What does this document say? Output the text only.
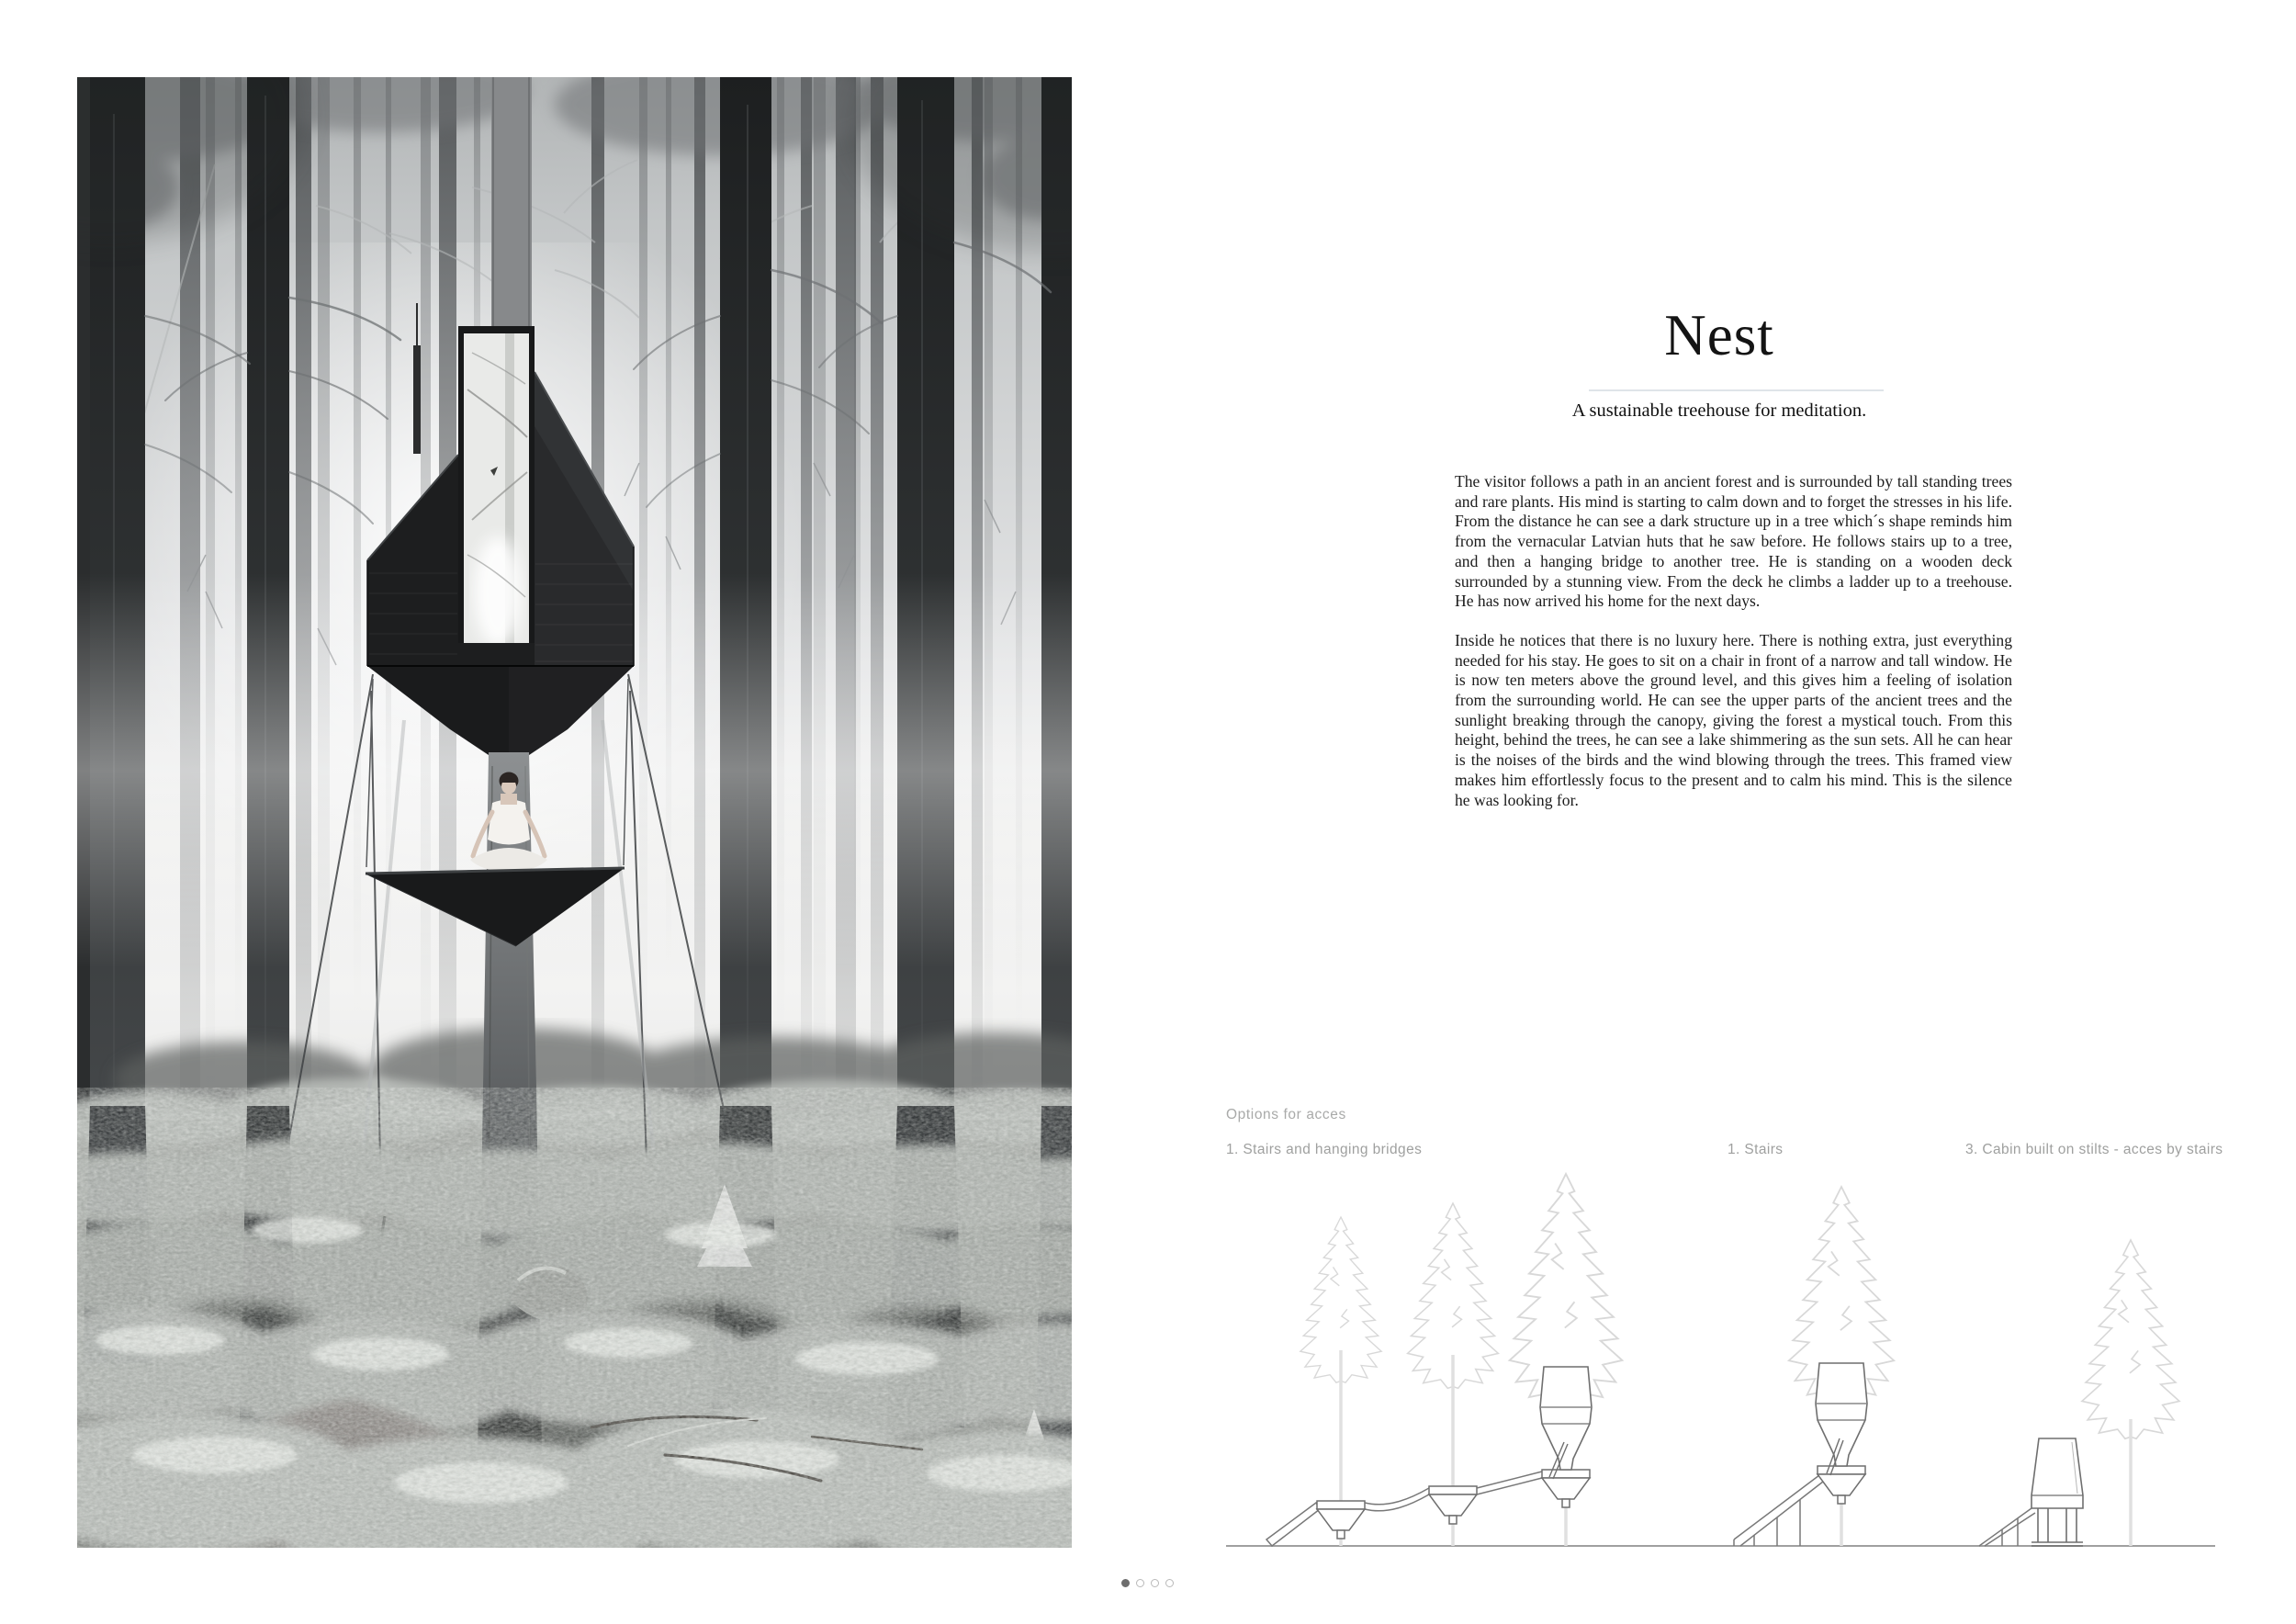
Nest
A sustainable treehouse for meditation.

The visitor follows a path in an ancient forest and is surrounded by tall standing trees and rare plants. His mind is starting to calm down and to forget the stresses in his life. From the distance he can see a dark structure up in a tree which´s shape reminds him from the vernacular Latvian huts that he saw before. He follows stairs up to a tree, and then a hanging bridge to another tree. He is standing on a wooden deck surrounded by a stunning view. From the deck he climbs a ladder up to a treehouse. He has now arrived his home for the next days.

Inside he notices that there is no luxury here. There is nothing extra, just everything needed for his stay. He goes to sit on a chair in front of a narrow and tall window. He is now ten meters above the ground level, and this gives him a feeling of isolation from the surrounding world. He can see the upper parts of the ancient trees and the sunlight breaking through the canopy, giving the forest a mystical touch. From this height, behind the trees, he can see a lake shimmering as the sun sets. All he can hear is the noises of the birds and the wind blowing through the trees. This framed view makes him effortlessly focus to the present and to calm his mind. This is the silence he was looking for.

Options for acces
1. Stairs and hanging bridges	1. Stairs	3. Cabin built on stilts - acces by stairs
